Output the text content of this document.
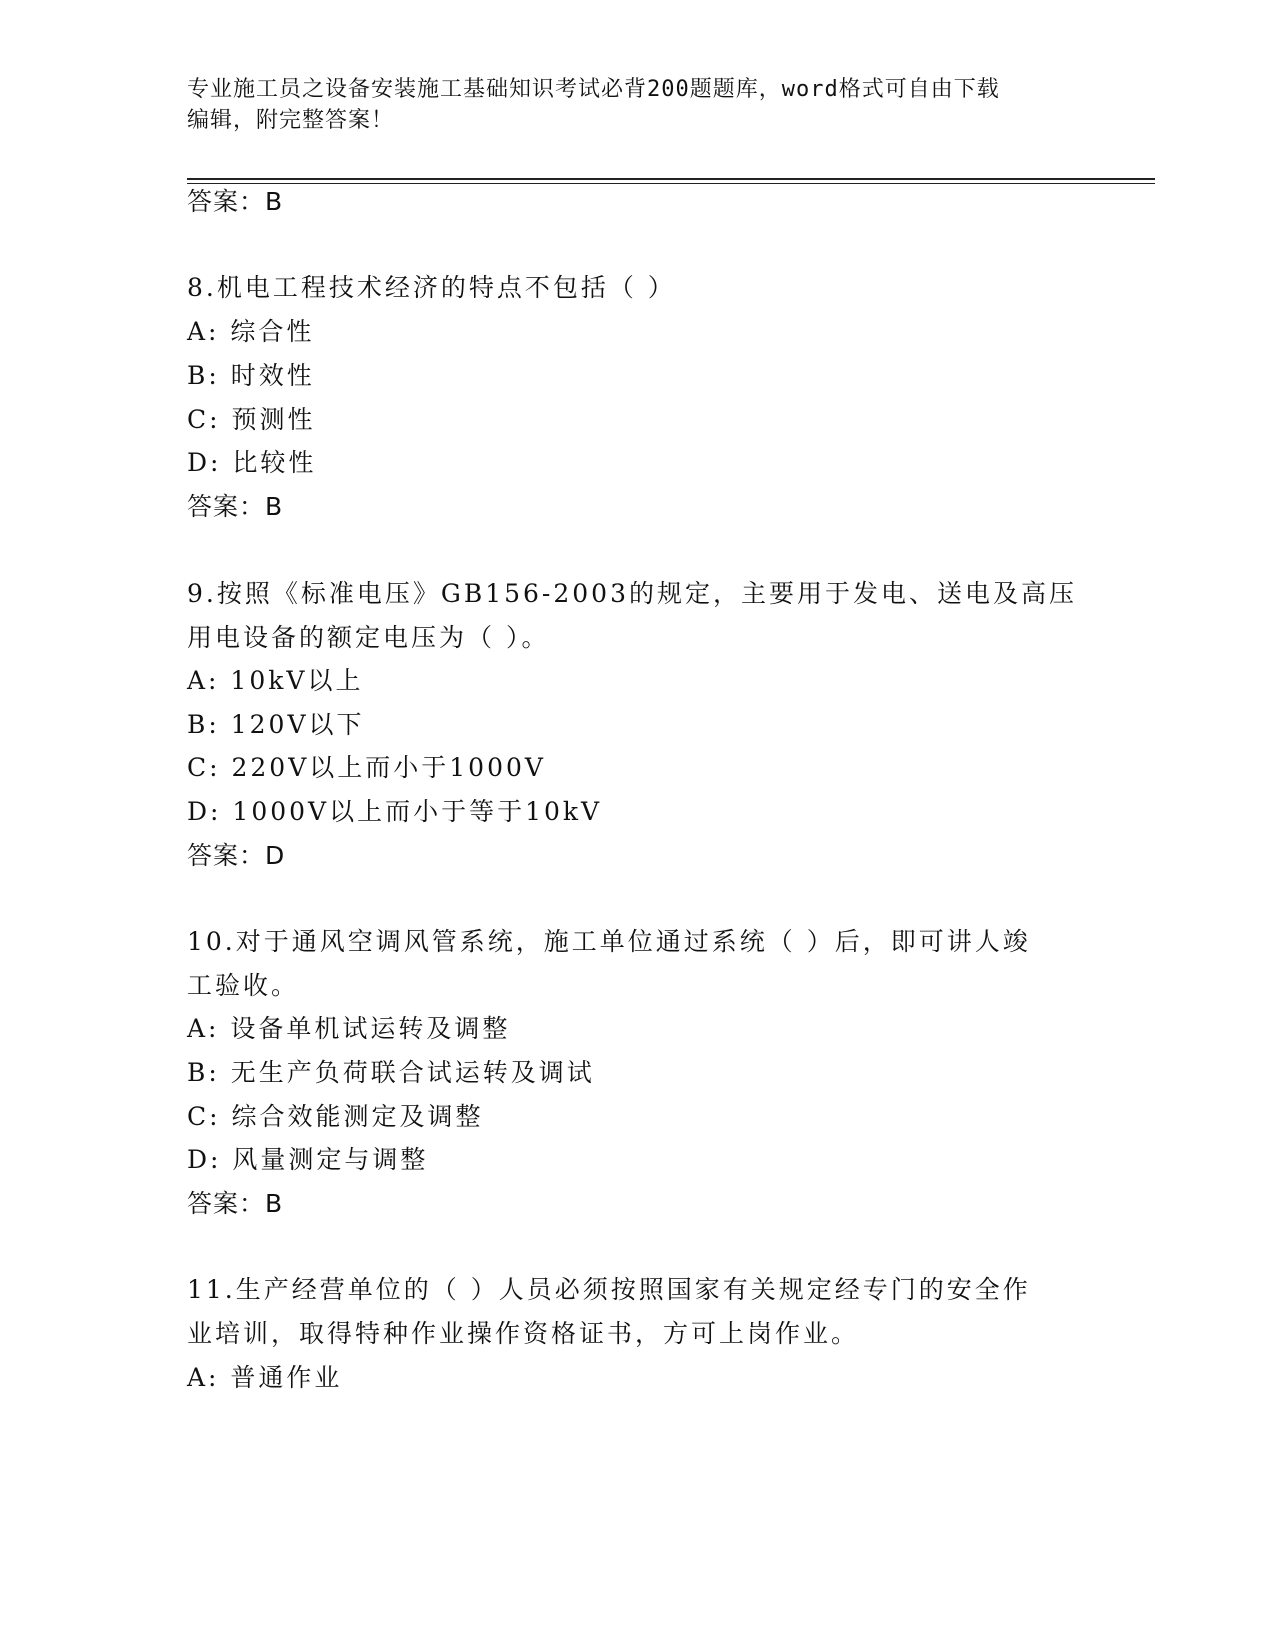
专业施工员之设备安装施工基础知识考试必背200题题库，word格式可自由下载
编辑，附完整答案！
答案：B
8.机电工程技术经济的特点不包括（ ）
A: 综合性
B: 时效性
C: 预测性
D: 比较性
答案：B
9.按照《标准电压》GB156-2003的规定，主要用于发电、送电及高压
用电设备的额定电压为（ ）。
A: 10kV以上
B: 120V以下
C: 220V以上而小于1000V
D: 1000V以上而小于等于10kV
答案：D
10.对于通风空调风管系统，施工单位通过系统（ ）后，即可讲人竣
工验收。
A: 设备单机试运转及调整
B: 无生产负荷联合试运转及调试
C: 综合效能测定及调整
D: 风量测定与调整
答案：B
11.生产经营单位的（ ）人员必须按照国家有关规定经专门的安全作
业培训，取得特种作业操作资格证书，方可上岗作业。
A: 普通作业
